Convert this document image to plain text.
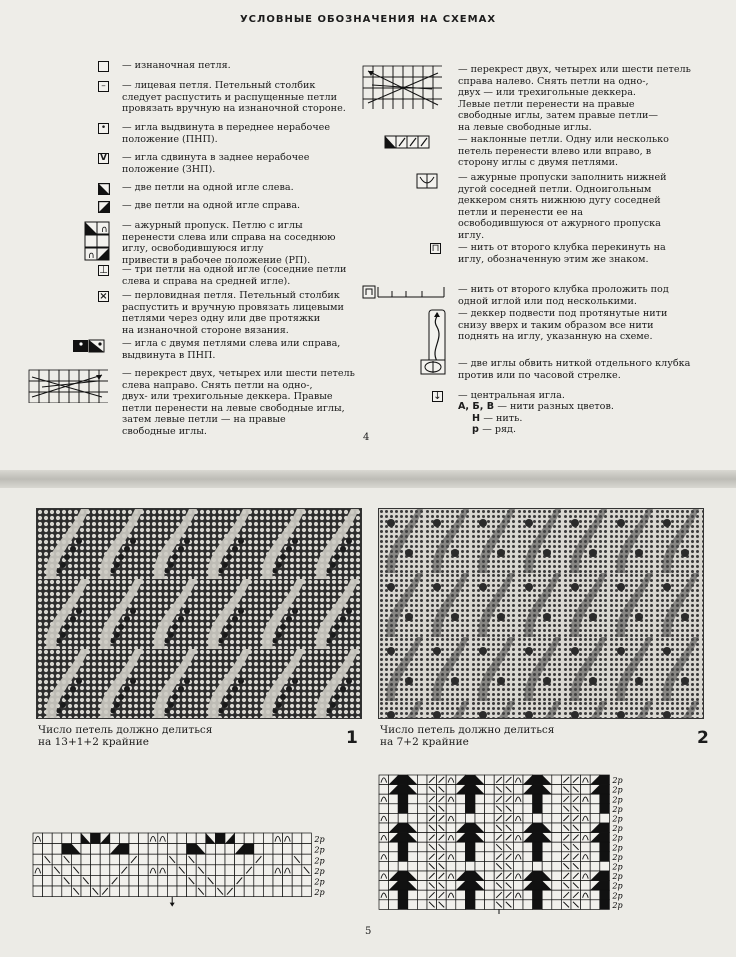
УСЛОВНЫЕ ОБОЗНАЧЕНИЯ НА СХЕМАХ
— изнаночная петля.
–	— лицевая петля. Петельный столбик
следует распустить и распущенные петли
провязать вручную на изнаночной стороне.
• — игла выдвинута в переднее нерабочее
положение (ПНП).
V — игла сдвинута в заднее нерабочее
положение (ЗНП).
— две петли на одной игле слева.
— две петли на одной игле справа.
∩
∩
— ажурный пропуск. Петлю с иглы
перенести слева или справа на соседнюю
иглу, освободившуюся иглу
привести в рабочее положение (РП).
⊥ — три петли на одной игле (соседние петли
слева и справа на средней игле).
× — перловидная петля. Петельный столбик
распустить и вручную провязать лицевыми
петлями через одну или две протяжки
на изнаночной стороне вязания.
— игла с двумя петлями слева или справа,
выдвинута в ПНП.
— перекрест двух, четырех или шести петель
слева направо. Снять петли на одно-,
двух- или трехигольные деккера. Правые
петли перенести на левые свободные иглы,
затем левые петли — на правые
свободные иглы.
— перекрест двух, четырех или шести петель
справа налево. Снять петли на одно-,
двух — или трехигольные деккера.
Левые петли перенести на правые
свободные иглы, затем правые петли—
на левые свободные иглы.
— наклонные петли. Одну или несколько
петель перенести влево или вправо, в
сторону иглы с двумя петлями.
— ажурные пропуски заполнить нижней
дугой соседней петли. Одноигольным
деккером снять нижнюю дугу соседней
петли и перенести ее на
освободившуюся от ажурного пропуска
иглу.
⊓ — нить от второго клубка перекинуть на
иглу, обозначенную этим же знаком.
— нить от второго клубка проложить под
одной иглой или под несколькими.
— деккер подвести под протянутые нити
снизу вверх и таким образом все нити
поднять на иглу, указанную на схеме.
— две иглы обвить ниткой отдельного клубка
против или по часовой стрелке.
↓ — центральная игла.
А, Б, В — нити разных цветов.
Н — нить.
р — ряд.
4
5
Число петель должно делиться
на 13+1+2 крайние	1 Число петель должно делиться
на 7+2 крайние	2
2р
2р
2р
2р
2р
2р
2р
2р
2р
2р
2р
2р
2р
2р
2р
2р
2р
2р
2р
2р
